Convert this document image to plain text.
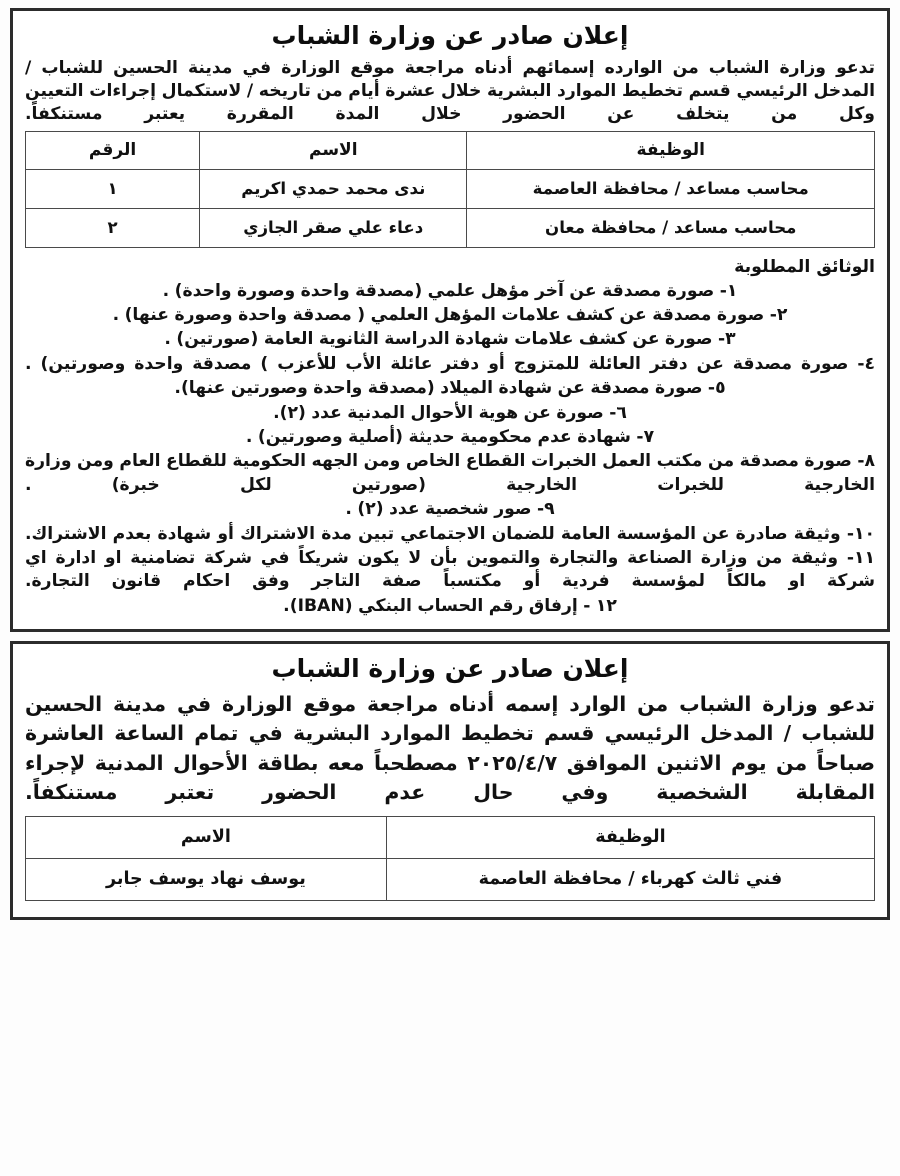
إعلان صادر عن وزارة الشباب

تدعو وزارة الشباب من الوارده إسمائهم أدناه مراجعة موقع الوزارة في مدينة الحسين للشباب / المدخل الرئيسي قسم تخطيط الموارد البشرية خلال عشرة أيام من تاريخه / لاستكمال إجراءات التعيين وكل من يتخلف عن الحضور خلال المدة المقررة يعتبر مستنكفاً.

الوظيفة	الاسم	الرقم
محاسب مساعد / محافظة العاصمة	ندى محمد حمدي اكريم	١
محاسب مساعد / محافظة معان	دعاء علي صقر الجازي	٢
الوثائق المطلوبة
١- صورة مصدقة عن آخر مؤهل علمي (مصدقة واحدة وصورة واحدة) .
٢- صورة مصدقة عن كشف علامات المؤهل العلمي ( مصدقة واحدة وصورة عنها) .
٣- صورة عن كشف علامات شهادة الدراسة الثانوية العامة (صورتين) .
٤- صورة مصدقة عن دفتر العائلة للمتزوج أو دفتر عائلة الأب للأعزب ) مصدقة واحدة وصورتين) .
٥- صورة مصدقة عن شهادة الميلاد (مصدقة واحدة وصورتين عنها).
٦- صورة عن هوية الأحوال المدنية عدد (٢).
٧- شهادة عدم محكومية حديثة (أصلية وصورتين) .
٨- صورة مصدقة من مكتب العمل الخبرات القطاع الخاص ومن الجهه الحكومية للقطاع العام ومن وزارة الخارجية للخبرات الخارجية (صورتين لكل خبرة) .
٩- صور شخصية عدد (٢) .
١٠- وثيقة صادرة عن المؤسسة العامة للضمان الاجتماعي تبين مدة الاشتراك أو شهادة بعدم الاشتراك.
١١- وثيقة من وزارة الصناعة والتجارة والتموين بأن لا يكون شريكاً في شركة تضامنية او ادارة اي شركة او مالكاً لمؤسسة فردية أو مكتسباً صفة التاجر وفق احكام قانون التجارة.
١٢ - إرفاق رقم الحساب البنكي (IBAN).
إعلان صادر عن وزارة الشباب

تدعو وزارة الشباب من الوارد إسمه أدناه مراجعة موقع الوزارة في مدينة الحسين للشباب / المدخل الرئيسي قسم تخطيط الموارد البشرية في تمام الساعة العاشرة صباحاً من يوم الاثنين الموافق ٢٠٢٥/٤/٧ مصطحباً معه بطاقة الأحوال المدنية لإجراء المقابلة الشخصية وفي حال عدم الحضور تعتبر مستنكفاً.

الوظيفة	الاسم
فني ثالث كهرباء / محافظة العاصمة	يوسف نهاد يوسف جابر
